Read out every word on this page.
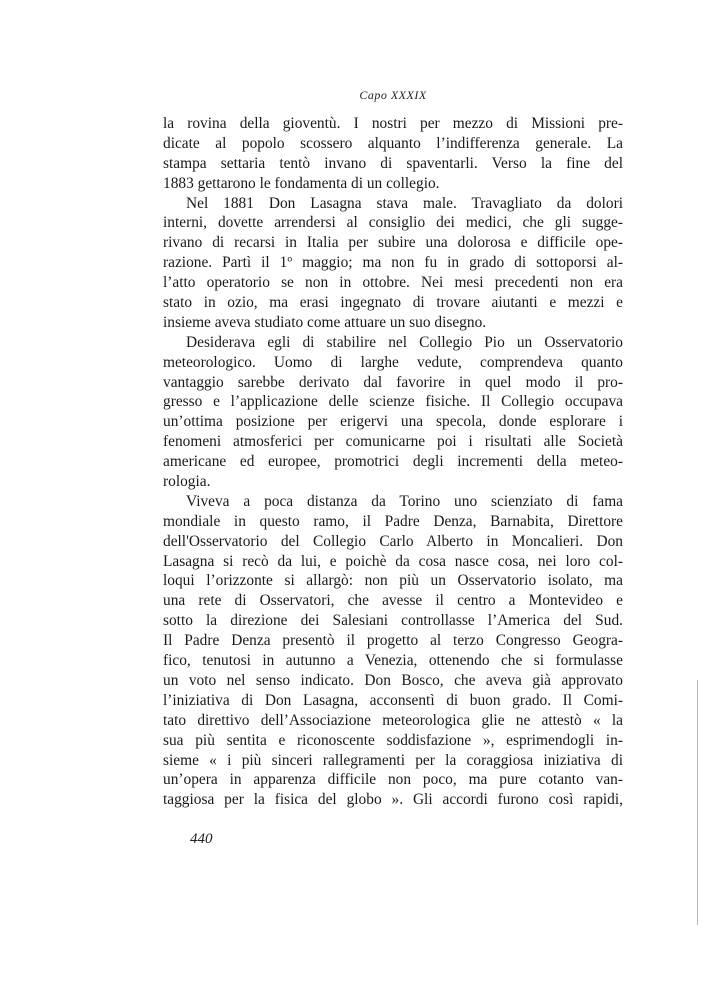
Capo XXXIX
la rovina della gioventù. I nostri per mezzo di Missioni pre-
dicate al popolo scossero alquanto l’indifferenza generale. La
stampa settaria tentò invano di spaventarli. Verso la fine del
1883 gettarono le fondamenta di un collegio.
Nel 1881 Don Lasagna stava male. Travagliato da dolori
interni, dovette arrendersi al consiglio dei medici, che gli sugge-
rivano di recarsi in Italia per subire una dolorosa e difficile ope-
razione. Partì il 1º maggio; ma non fu in grado di sottoporsi al-
l’atto operatorio se non in ottobre. Nei mesi precedenti non era
stato in ozio, ma erasi ingegnato di trovare aiutanti e mezzi e
insieme aveva studiato come attuare un suo disegno.
Desiderava egli di stabilire nel Collegio Pio un Osservatorio
meteorologico. Uomo di larghe vedute, comprendeva quanto
vantaggio sarebbe derivato dal favorire in quel modo il pro-
gresso e l’applicazione delle scienze fisiche. Il Collegio occupava
un’ottima posizione per erigervi una specola, donde esplorare i
fenomeni atmosferici per comunicarne poi i risultati alle Società
americane ed europee, promotrici degli incrementi della meteo-
rologia.
Viveva a poca distanza da Torino uno scienziato di fama
mondiale in questo ramo, il Padre Denza, Barnabita, Direttore
dell'Osservatorio del Collegio Carlo Alberto in Moncalieri. Don
Lasagna si recò da lui, e poichè da cosa nasce cosa, nei loro col-
loqui l’orizzonte si allargò: non più un Osservatorio isolato, ma
una rete di Osservatori, che avesse il centro a Montevideo e
sotto la direzione dei Salesiani controllasse l’America del Sud.
Il Padre Denza presentò il progetto al terzo Congresso Geogra-
fico, tenutosi in autunno a Venezia, ottenendo che si formulasse
un voto nel senso indicato. Don Bosco, che aveva già approvato
l’iniziativa di Don Lasagna, acconsentì di buon grado. Il Comi-
tato direttivo dell’Associazione meteorologica glie ne attestò « la
sua più sentita e riconoscente soddisfazione », esprimendogli in-
sieme « i più sinceri rallegramenti per la coraggiosa iniziativa di
un’opera in apparenza difficile non poco, ma pure cotanto van-
taggiosa per la fisica del globo ». Gli accordi furono così rapidi,
440
